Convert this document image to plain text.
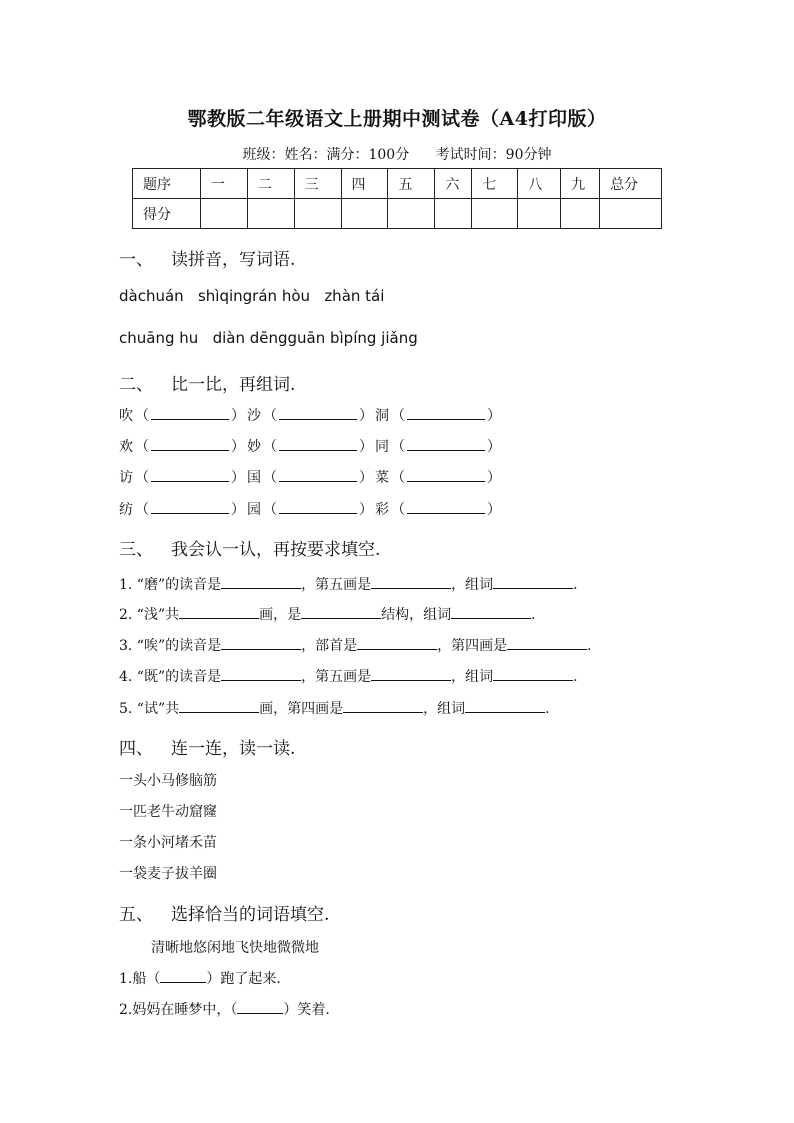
鄂教版二年级语文上册期中测试卷（A4打印版）
班级：姓名：满分：100分 考试时间：90分钟
题序	一	二	三	四	五	六	七	八	九	总分
得分										
一、 读拼音，写词语.
dàchuán   shìqingrán hòu   zhàn tái
chuāng hu   diàn dēngguān bìpíng jiǎng
二、 比一比，再组词.
吹 （	） 沙 （	） 洞 （	）
欢 （	） 妙 （	） 同 （	）
访 （	） 国 （	） 菜 （	）
纺 （	） 园 （	） 彩 （	）
三、 我会认一认，再按要求填空.
1. “磨”的读音是	，第五画是	，组词	.
2. “浅”共	画，是	结构，组词	.
3. “唉”的读音是	，部首是	，第四画是	.
4. “既”的读音是	，第五画是	，组词	.
5. “试”共	画，第四画是	，组词	.
四、 连一连，读一读.
一头小马修脑筋
一匹老牛动窟窿
一条小河堵禾苗
一袋麦子拔羊圈
五、 选择恰当的词语填空.
清晰地悠闲地飞快地微微地
1.船（	）跑了起来.
2.妈妈在睡梦中，（	）笑着.
